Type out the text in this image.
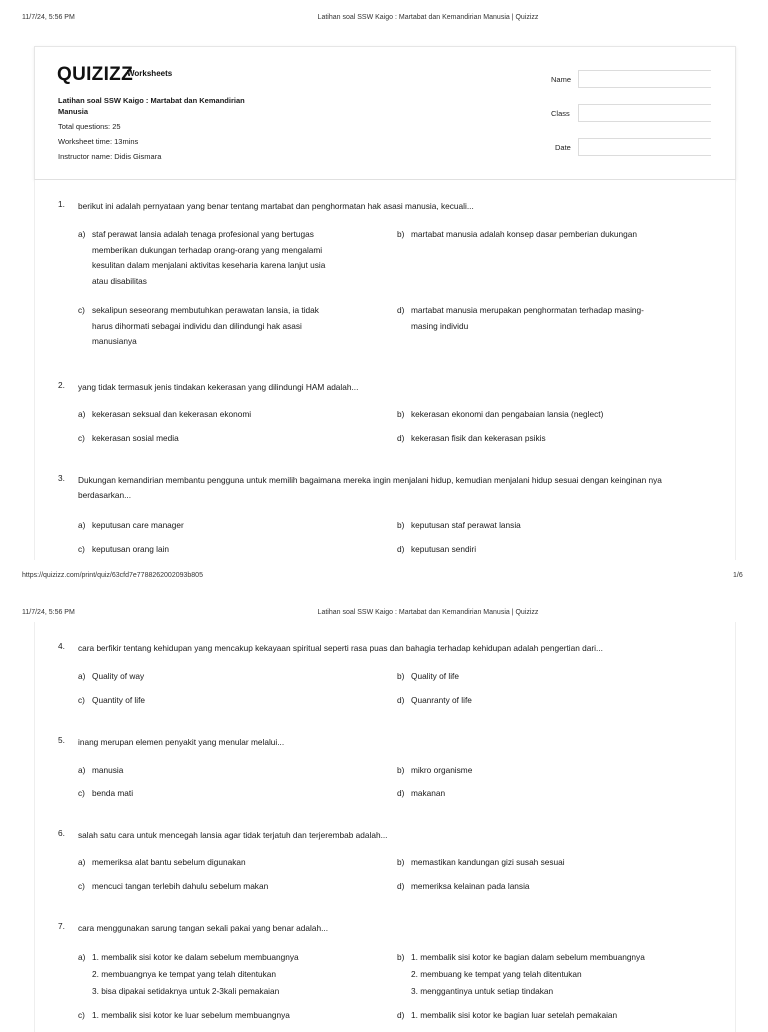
11/7/24, 5:56 PM	Latihan soal SSW Kaigo : Martabat dan Kemandirian Manusia | Quizizz
QUIZIZZ
Worksheets
Latihan soal SSW Kaigo : Martabat dan Kemandirian Manusia
Total questions: 25
Worksheet time: 13mins
Instructor name: Didis Gismara
Name
Class
Date
1. berikut ini adalah pernyataan yang benar tentang martabat dan penghormatan hak asasi manusia, kecuali...
a) staf perawat lansia adalah tenaga profesional yang bertugas
memberikan dukungan terhadap orang-orang yang mengalami
kesulitan dalam menjalani aktivitas keseharia karena lanjut usia
atau disabilitas
b) martabat manusia adalah konsep dasar pemberian dukungan
c) sekalipun seseorang membutuhkan perawatan lansia, ia tidak
harus dihormati sebagai individu dan dilindungi hak asasi
manusianya
d) martabat manusia merupakan penghormatan terhadap masing-
masing individu
2. yang tidak termasuk jenis tindakan kekerasan yang dilindungi HAM adalah...
a) kekerasan seksual dan kekerasan ekonomi	b) kekerasan ekonomi dan pengabaian lansia (neglect)
c) kekerasan sosial media	d) kekerasan fisik dan kekerasan psikis
3. Dukungan kemandirian membantu pengguna untuk memilih bagaimana mereka ingin menjalani hidup, kemudian menjalani hidup sesuai dengan keinginan nya berdasarkan...
a) keputusan care manager	b) keputusan staf perawat lansia
c) keputusan orang lain	d) keputusan sendiri
https://quizizz.com/print/quiz/63cfd7e7788262002093b805	1/6
11/7/24, 5:56 PM	Latihan soal SSW Kaigo : Martabat dan Kemandirian Manusia | Quizizz
4. cara berfikir tentang kehidupan yang mencakup kekayaan spiritual seperti rasa puas dan bahagia terhadap kehidupan adalah pengertian dari...
a) Quality of way	b) Quality of life
c) Quantity of life	d) Quanranty of life
5. inang merupan elemen penyakit yang menular melalui...
a) manusia	b) mikro organisme
c) benda mati	d) makanan
6. salah satu cara untuk mencegah lansia agar tidak terjatuh dan terjerembab adalah...
a) memeriksa alat bantu sebelum digunakan	b) memastikan kandungan gizi susah sesuai
c) mencuci tangan terlebih dahulu sebelum makan	d) memeriksa kelainan pada lansia
7. cara menggunakan sarung tangan sekali pakai yang benar adalah...
a) 1. membalik sisi kotor ke dalam sebelum membuangnya
2. membuangnya ke tempat yang telah ditentukan
3. bisa dipakai setidaknya untuk 2-3kali pemakaian
b) 1. membalik sisi kotor ke bagian dalam sebelum membuangnya
2. membuang ke tempat yang telah ditentukan
3. menggantinya untuk setiap tindakan
c) 1. membalik sisi kotor ke luar sebelum membuangnya	d) 1. membalik sisi kotor ke bagian luar setelah pemakaian
